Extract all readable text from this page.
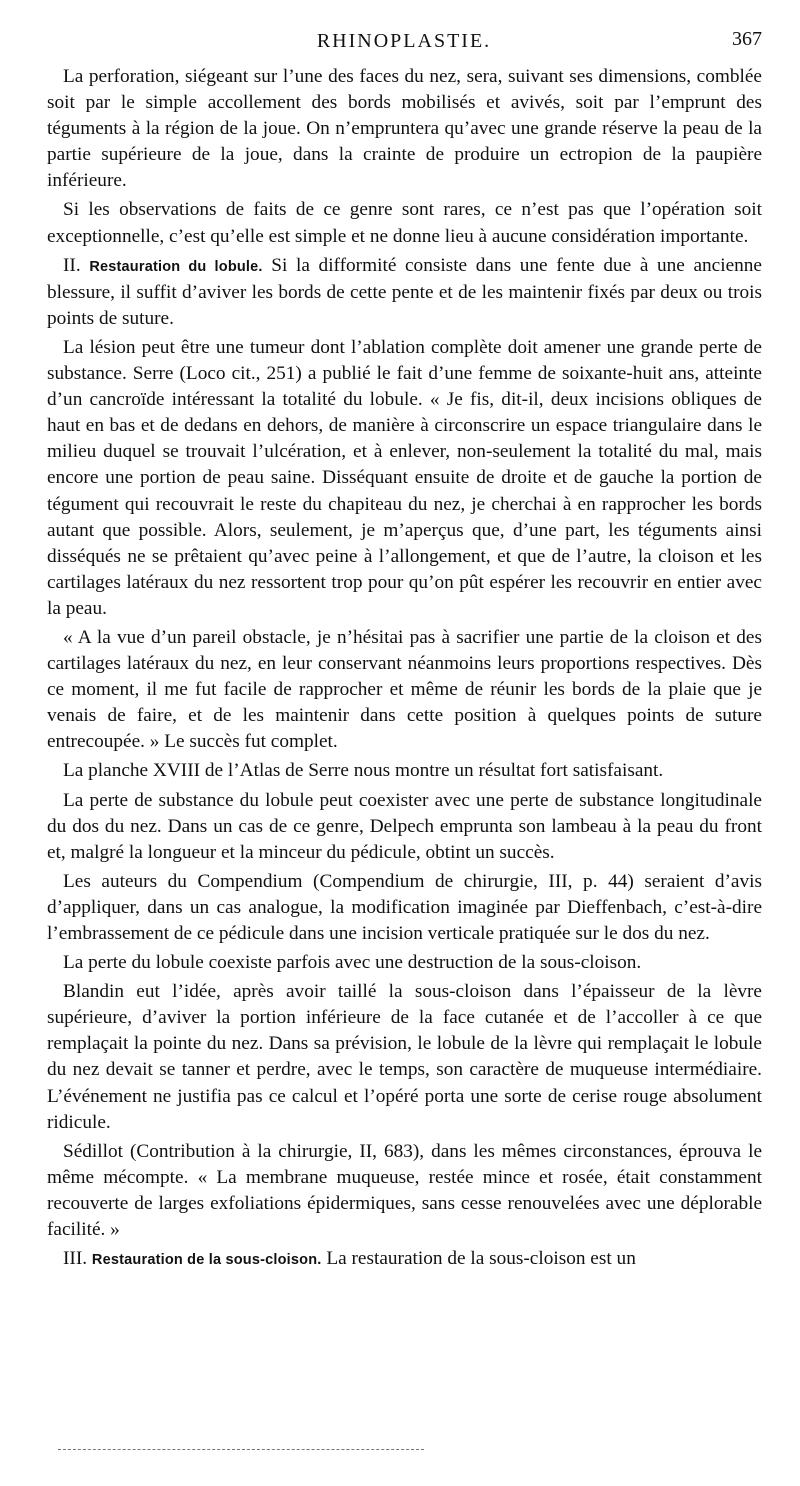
RHINOPLASTIE.	367

La perforation, siégeant sur l’une des faces du nez, sera, suivant ses dimensions, comblée soit par le simple accollement des bords mobilisés et avivés, soit par l’emprunt des téguments à la région de la joue. On n’empruntera qu’avec une grande réserve la peau de la partie supérieure de la joue, dans la crainte de produire un ectropion de la paupière inférieure.

Si les observations de faits de ce genre sont rares, ce n’est pas que l’opération soit exceptionnelle, c’est qu’elle est simple et ne donne lieu à aucune considération importante.

II. Restauration du lobule. Si la difformité consiste dans une fente due à une ancienne blessure, il suffit d’aviver les bords de cette pente et de les maintenir fixés par deux ou trois points de suture.

La lésion peut être une tumeur dont l’ablation complète doit amener une grande perte de substance. Serre (Loco cit., 251) a publié le fait d’une femme de soixante-huit ans, atteinte d’un cancroïde intéressant la totalité du lobule. « Je fis, dit-il, deux incisions obliques de haut en bas et de dedans en dehors, de manière à circonscrire un espace triangulaire dans le milieu duquel se trouvait l’ulcération, et à enlever, non-seulement la totalité du mal, mais encore une portion de peau saine. Disséquant ensuite de droite et de gauche la portion de tégument qui recouvrait le reste du chapiteau du nez, je cherchai à en rapprocher les bords autant que possible. Alors, seulement, je m’aperçus que, d’une part, les téguments ainsi disséqués ne se prêtaient qu’avec peine à l’allongement, et que de l’autre, la cloison et les cartilages latéraux du nez ressortent trop pour qu’on pût espérer les recouvrir en entier avec la peau.

« A la vue d’un pareil obstacle, je n’hésitai pas à sacrifier une partie de la cloison et des cartilages latéraux du nez, en leur conservant néanmoins leurs proportions respectives. Dès ce moment, il me fut facile de rapprocher et même de réunir les bords de la plaie que je venais de faire, et de les maintenir dans cette position à quelques points de suture entrecoupée. » Le succès fut complet.

La planche XVIII de l’Atlas de Serre nous montre un résultat fort satisfaisant.

La perte de substance du lobule peut coexister avec une perte de substance longitudinale du dos du nez. Dans un cas de ce genre, Delpech emprunta son lambeau à la peau du front et, malgré la longueur et la minceur du pédicule, obtint un succès.

Les auteurs du Compendium (Compendium de chirurgie, III, p. 44) seraient d’avis d’appliquer, dans un cas analogue, la modification imaginée par Dieffenbach, c’est-à-dire l’embrassement de ce pédicule dans une incision verticale pratiquée sur le dos du nez.

La perte du lobule coexiste parfois avec une destruction de la sous-cloison.

Blandin eut l’idée, après avoir taillé la sous-cloison dans l’épaisseur de la lèvre supérieure, d’aviver la portion inférieure de la face cutanée et de l’accoller à ce que remplaçait la pointe du nez. Dans sa prévision, le lobule de la lèvre qui remplaçait le lobule du nez devait se tanner et perdre, avec le temps, son caractère de muqueuse intermédiaire. L’événement ne justifia pas ce calcul et l’opéré porta une sorte de cerise rouge absolument ridicule.

Sédillot (Contribution à la chirurgie, II, 683), dans les mêmes circonstances, éprouva le même mécompte. « La membrane muqueuse, restée mince et rosée, était constamment recouverte de larges exfoliations épidermiques, sans cesse renouvelées avec une déplorable facilité. »

III. Restauration de la sous-cloison. La restauration de la sous-cloison est un
